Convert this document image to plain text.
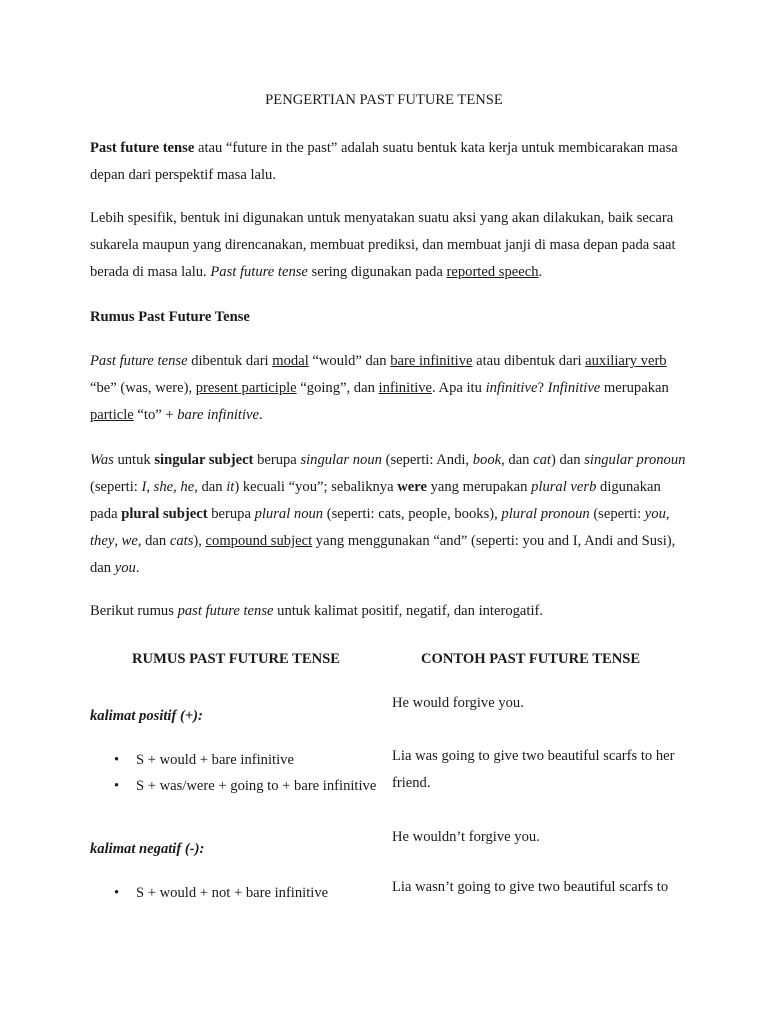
PENGERTIAN PAST FUTURE TENSE

Past future tense atau “future in the past” adalah suatu bentuk kata kerja untuk membicarakan masa depan dari perspektif masa lalu.

Lebih spesifik, bentuk ini digunakan untuk menyatakan suatu aksi yang akan dilakukan, baik secara sukarela maupun yang direncanakan, membuat prediksi, dan membuat janji di masa depan pada saat berada di masa lalu. Past future tense sering digunakan pada reported speech.

Rumus Past Future Tense

Past future tense dibentuk dari modal “would” dan bare infinitive atau dibentuk dari auxiliary verb “be” (was, were), present participle “going”, dan infinitive. Apa itu infinitive? Infinitive merupakan particle “to” + bare infinitive.

Was untuk singular subject berupa singular noun (seperti: Andi, book, dan cat) dan singular pronoun (seperti: I, she, he, dan it) kecuali “you”; sebaliknya were yang merupakan plural verb digunakan pada plural subject berupa plural noun (seperti: cats, people, books), plural pronoun (seperti: you, they, we, dan cats), compound subject yang menggunakan “and” (seperti: you and I, Andi and Susi), dan you.

Berikut rumus past future tense untuk kalimat positif, negatif, dan interogatif.

RUMUS PAST FUTURE TENSE	CONTOH PAST FUTURE TENSE
kalimat positif (+):
• S + would + bare infinitive
• S + was/were + going to + bare infinitive
kalimat negatif (-):
• S + would + not + bare infinitive

He would forgive you.

Lia was going to give two beautiful scarfs to her friend.

He wouldn’t forgive you.

Lia wasn’t going to give two beautiful scarfs to
